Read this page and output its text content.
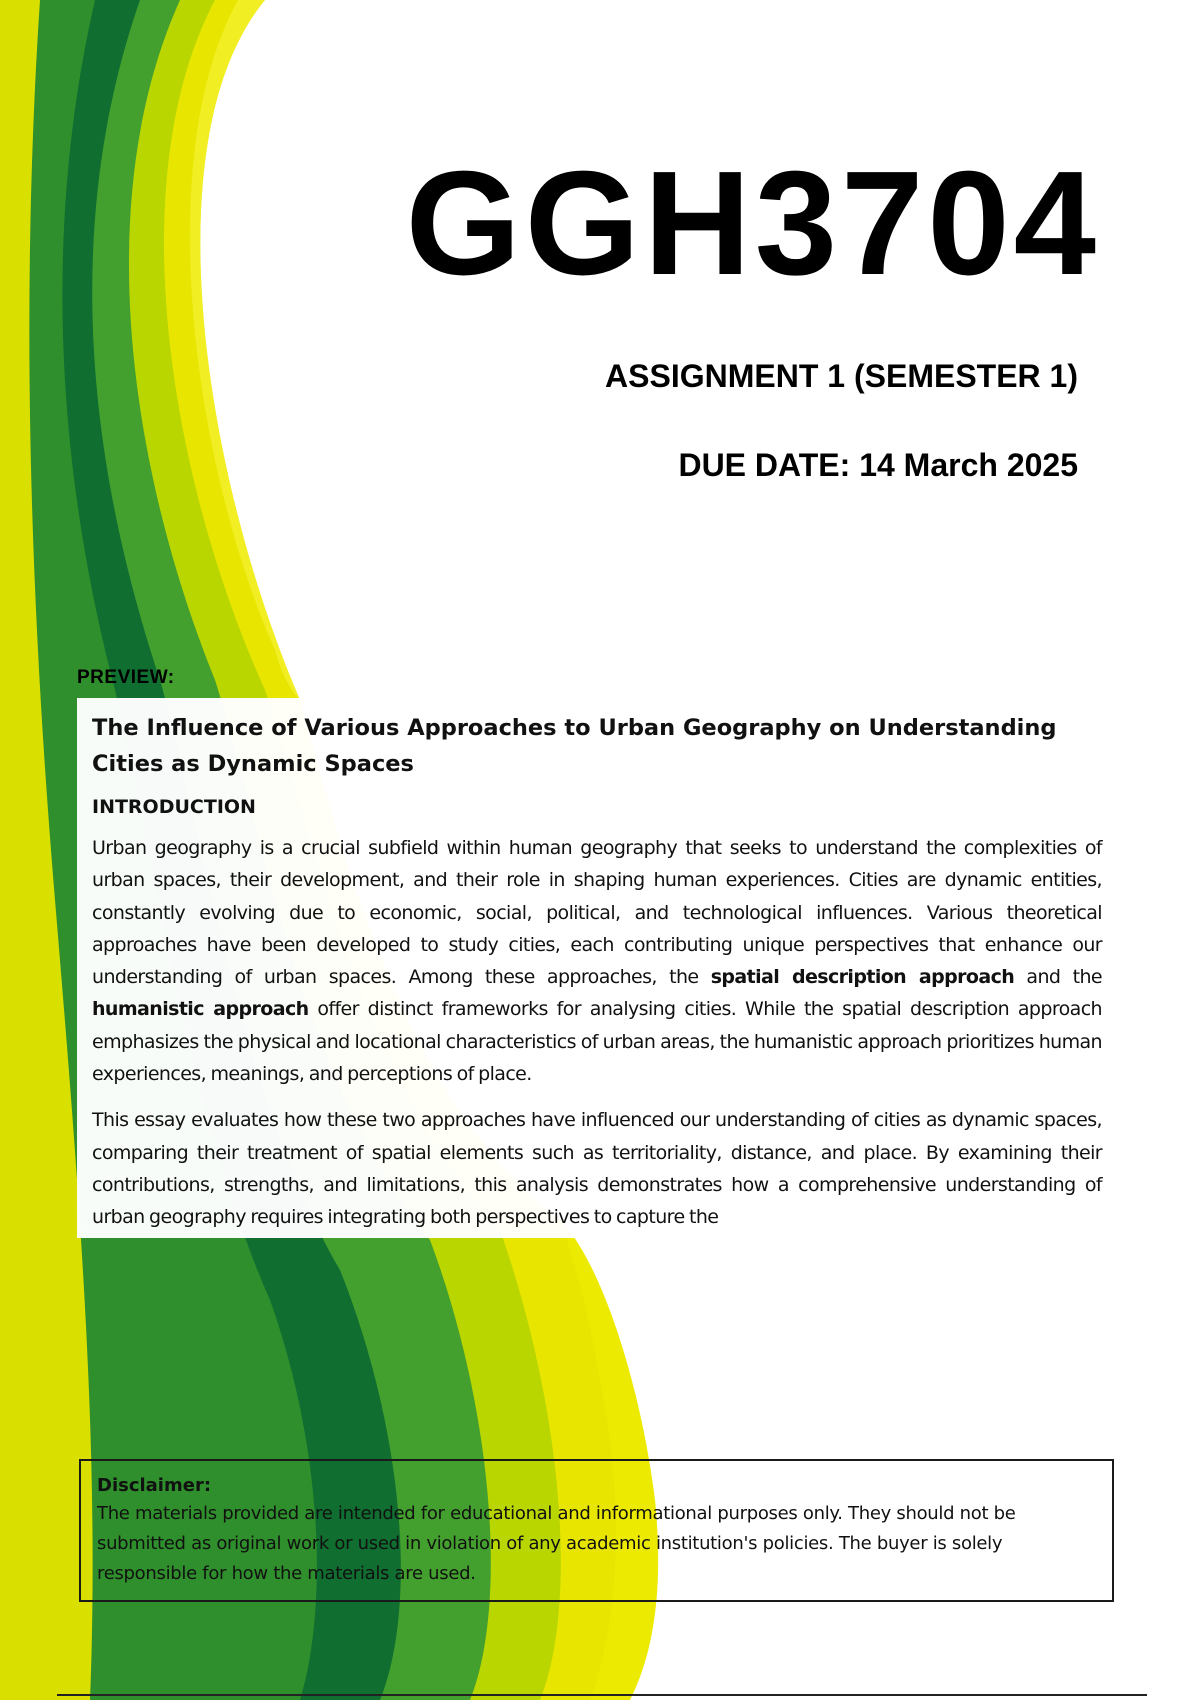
GGH3704
ASSIGNMENT 1 (SEMESTER 1)
DUE DATE: 14 March 2025
PREVIEW:
The Influence of Various Approaches to Urban Geography on Understanding Cities as Dynamic Spaces
INTRODUCTION

Urban geography is a crucial subfield within human geography that seeks to understand the complexities of urban spaces, their development, and their role in shaping human experiences. Cities are dynamic entities, constantly evolving due to economic, social, political, and technological influences. Various theoretical approaches have been developed to study cities, each contributing unique perspectives that enhance our understanding of urban spaces. Among these approaches, the spatial description approach and the humanistic approach offer distinct frameworks for analysing cities. While the spatial description approach emphasizes the physical and locational characteristics of urban areas, the humanistic approach prioritizes human experiences, meanings, and perceptions of place.

This essay evaluates how these two approaches have influenced our understanding of cities as dynamic spaces, comparing their treatment of spatial elements such as territoriality, distance, and place. By examining their contributions, strengths, and limitations, this analysis demonstrates how a comprehensive understanding of urban geography requires integrating both perspectives to capture the

Disclaimer:
The materials provided are intended for educational and informational purposes only. They should not be submitted as original work or used in violation of any academic institution's policies. The buyer is solely responsible for how the materials are used.
